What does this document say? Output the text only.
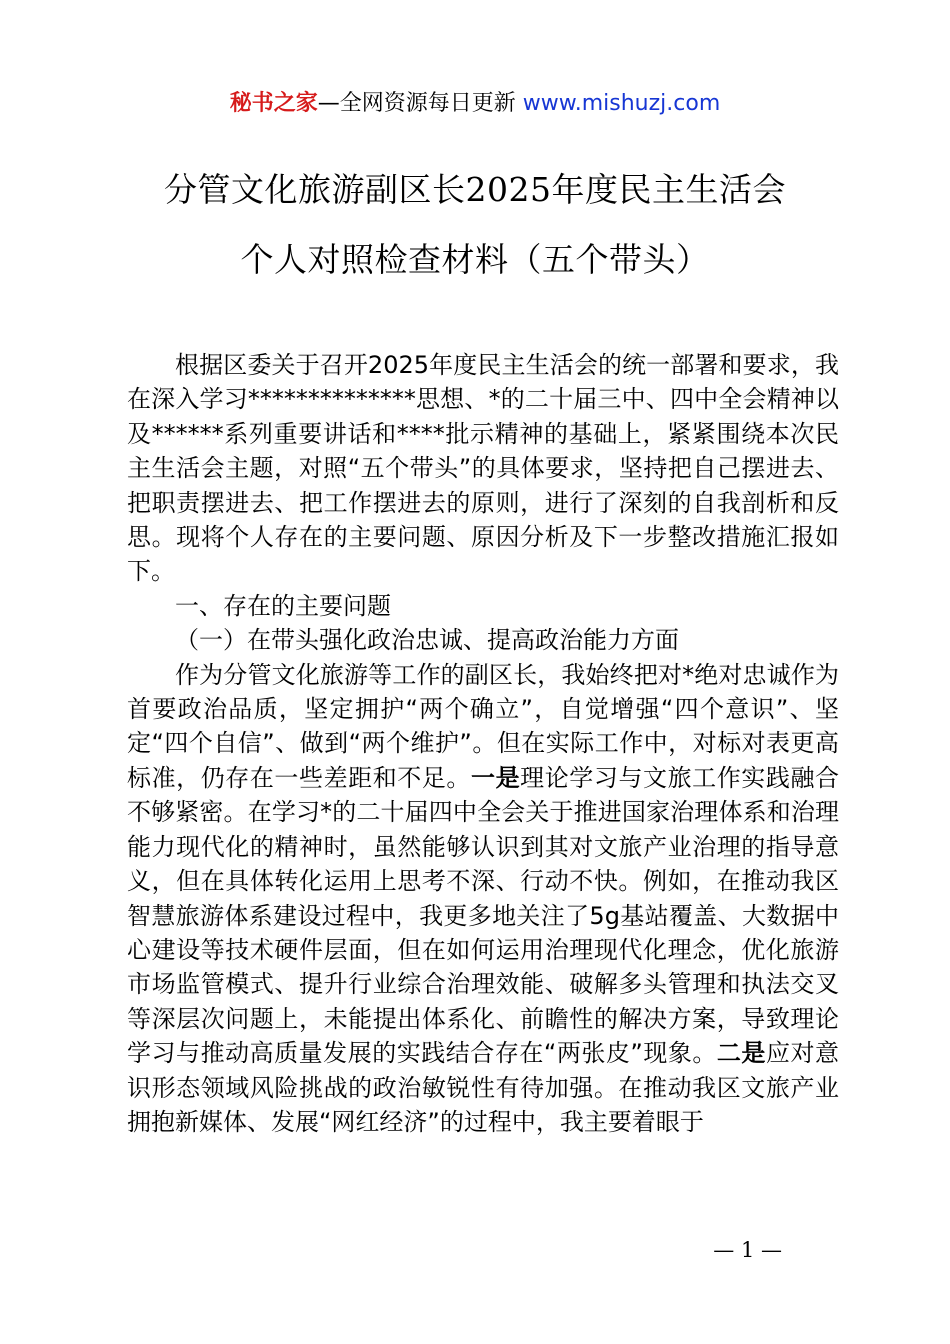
秘书之家—全网资源每日更新 www.mishuzj.com
分管文化旅游副区长2025年度民主生活会
个人对照检查材料（五个带头）

根据区委关于召开2025年度民主生活会的统一部署和要求，我在深入学习**************思想、*的二十届三中、四中全会精神以及******系列重要讲话和****批示精神的基础上，紧紧围绕本次民主生活会主题，对照“五个带头”的具体要求，坚持把自己摆进去、把职责摆进去、把工作摆进去的原则，进行了深刻的自我剖析和反思。现将个人存在的主要问题、原因分析及下一步整改措施汇报如下。

一、存在的主要问题

（一）在带头强化政治忠诚、提高政治能力方面

作为分管文化旅游等工作的副区长，我始终把对*绝对忠诚作为首要政治品质，坚定拥护“两个确立”，自觉增强“四个意识”、坚定“四个自信”、做到“两个维护”。但在实际工作中，对标对表更高标准，仍存在一些差距和不足。一是理论学习与文旅工作实践融合不够紧密。在学习*的二十届四中全会关于推进国家治理体系和治理能力现代化的精神时，虽然能够认识到其对文旅产业治理的指导意义，但在具体转化运用上思考不深、行动不快。例如，在推动我区智慧旅游体系建设过程中，我更多地关注了5g基站覆盖、大数据中心建设等技术硬件层面，但在如何运用治理现代化理念，优化旅游市场监管模式、提升行业综合治理效能、破解多头管理和执法交叉等深层次问题上，未能提出体系化、前瞻性的解决方案，导致理论学习与推动高质量发展的实践结合存在“两张皮”现象。二是应对意识形态领域风险挑战的政治敏锐性有待加强。在推动我区文旅产业拥抱新媒体、发展“网红经济”的过程中，我主要着眼于

— 1 —
